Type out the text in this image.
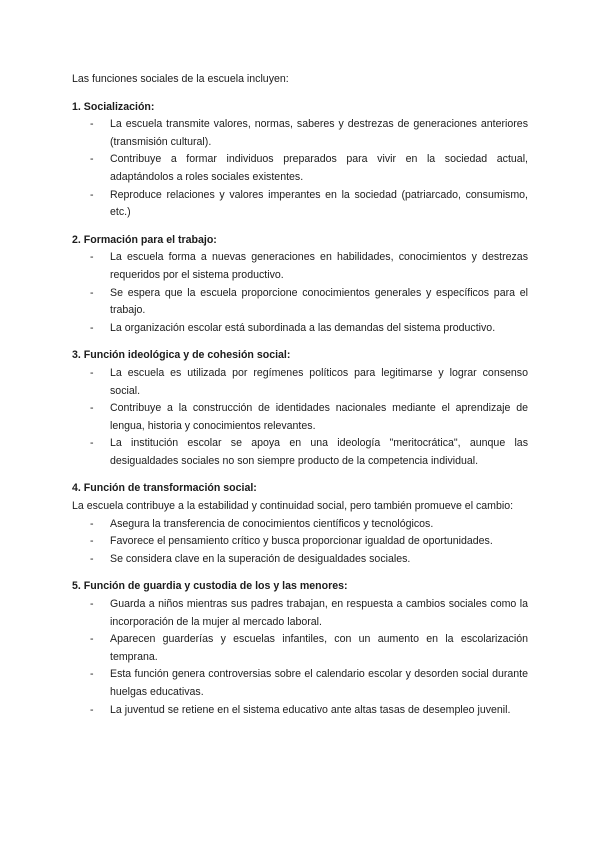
Las funciones sociales de la escuela incluyen:

1. Socialización:

- La escuela transmite valores, normas, saberes y destrezas de generaciones anteriores (transmisión cultural).
- Contribuye a formar individuos preparados para vivir en la sociedad actual, adaptándolos a roles sociales existentes.
- Reproduce relaciones y valores imperantes en la sociedad (patriarcado, consumismo, etc.)

2. Formación para el trabajo:

- La escuela forma a nuevas generaciones en habilidades, conocimientos y destrezas requeridos por el sistema productivo.
- Se espera que la escuela proporcione conocimientos generales y específicos para el trabajo.
- La organización escolar está subordinada a las demandas del sistema productivo.

3. Función ideológica y de cohesión social:

- La escuela es utilizada por regímenes políticos para legitimarse y lograr consenso social.
- Contribuye a la construcción de identidades nacionales mediante el aprendizaje de lengua, historia y conocimientos relevantes.
- La institución escolar se apoya en una ideología "meritocrática", aunque las desigualdades sociales no son siempre producto de la competencia individual.

4. Función de transformación social:

La escuela contribuye a la estabilidad y continuidad social, pero también promueve el cambio:

- Asegura la transferencia de conocimientos científicos y tecnológicos.
- Favorece el pensamiento crítico y busca proporcionar igualdad de oportunidades.
- Se considera clave en la superación de desigualdades sociales.

5. Función de guardia y custodia de los y las menores:

- Guarda a niños mientras sus padres trabajan, en respuesta a cambios sociales como la incorporación de la mujer al mercado laboral.
- Aparecen guarderías y escuelas infantiles, con un aumento en la escolarización temprana.
- Esta función genera controversias sobre el calendario escolar y desorden social durante huelgas educativas.
- La juventud se retiene en el sistema educativo ante altas tasas de desempleo juvenil.
